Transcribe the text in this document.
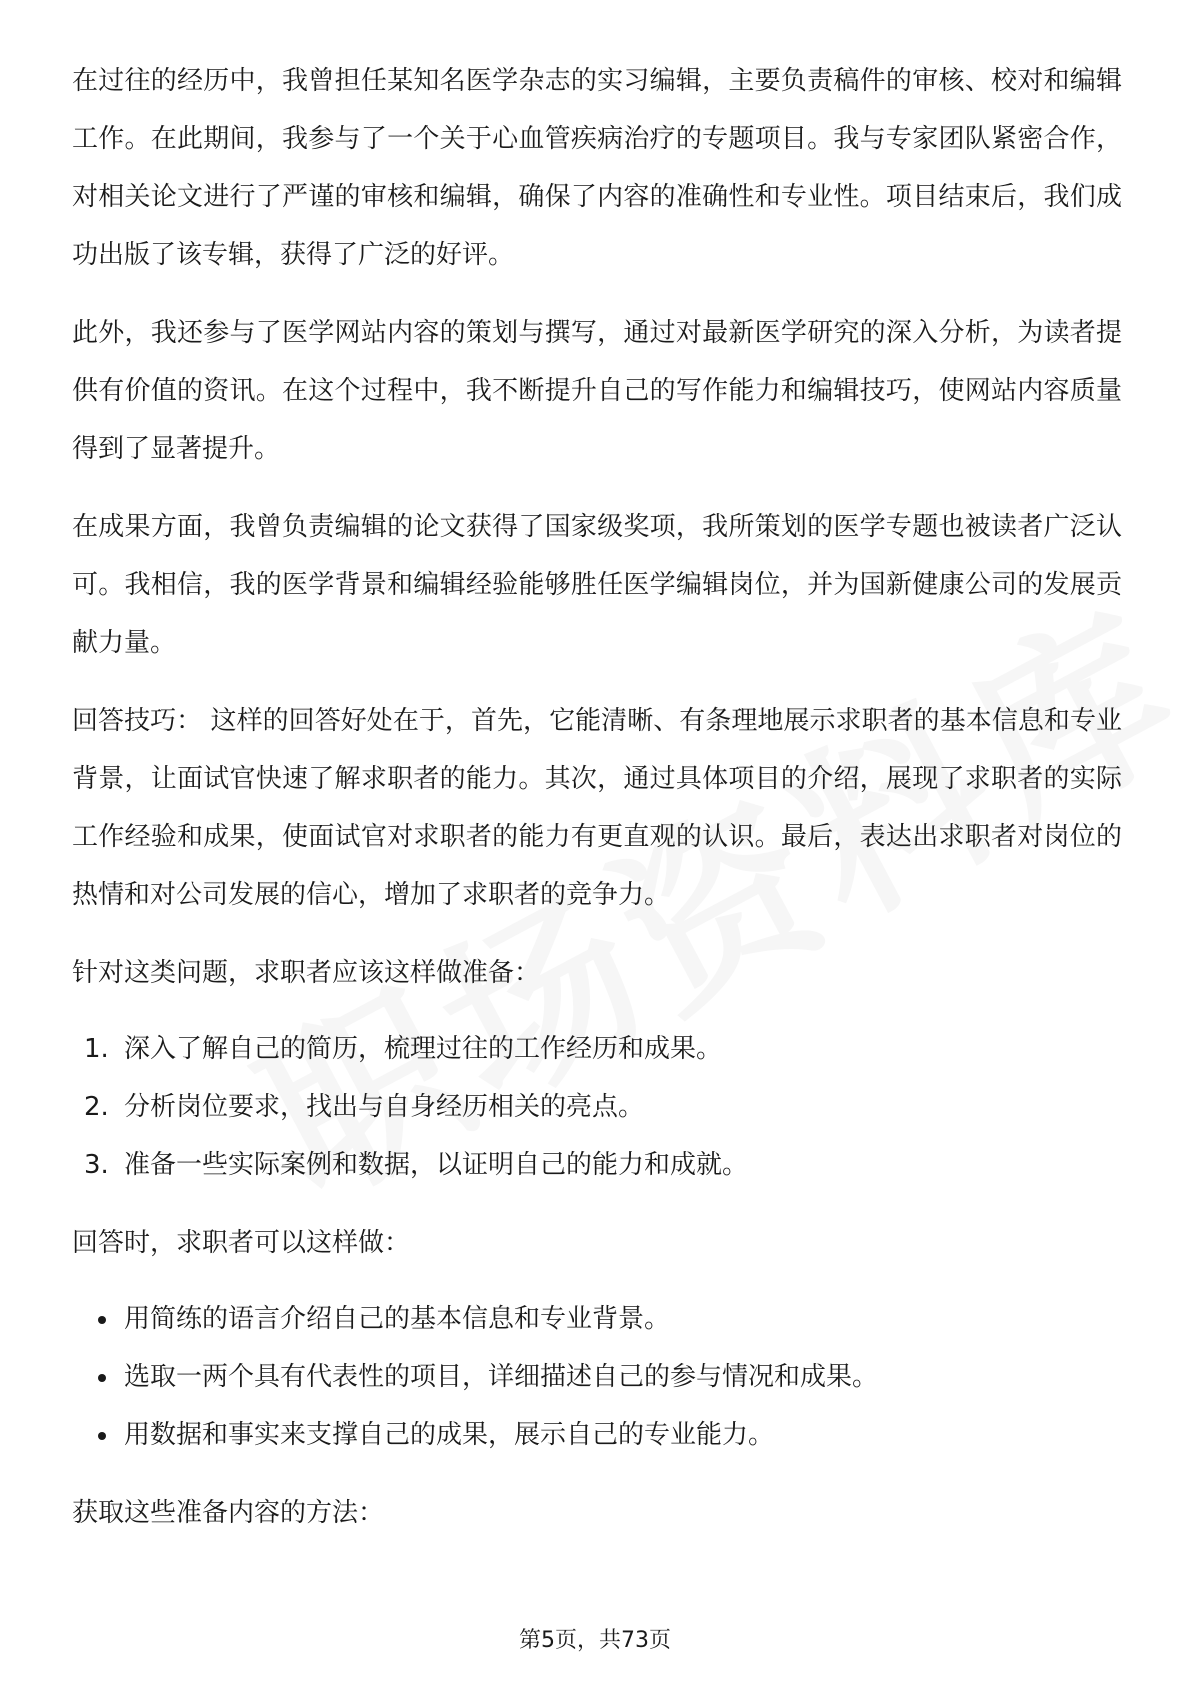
在过往的经历中，我曾担任某知名医学杂志的实习编辑，主要负责稿件的审核、校对和编辑工作。在此期间，我参与了一个关于心血管疾病治疗的专题项目。我与专家团队紧密合作，对相关论文进行了严谨的审核和编辑，确保了内容的准确性和专业性。项目结束后，我们成功出版了该专辑，获得了广泛的好评。

此外，我还参与了医学网站内容的策划与撰写，通过对最新医学研究的深入分析，为读者提供有价值的资讯。在这个过程中，我不断提升自己的写作能力和编辑技巧，使网站内容质量得到了显著提升。

在成果方面，我曾负责编辑的论文获得了国家级奖项，我所策划的医学专题也被读者广泛认可。我相信，我的医学背景和编辑经验能够胜任医学编辑岗位，并为国新健康公司的发展贡献力量。

回答技巧： 这样的回答好处在于，首先，它能清晰、有条理地展示求职者的基本信息和专业背景，让面试官快速了解求职者的能力。其次，通过具体项目的介绍，展现了求职者的实际工作经验和成果，使面试官对求职者的能力有更直观的认识。最后，表达出求职者对岗位的热情和对公司发展的信心，增加了求职者的竞争力。

针对这类问题，求职者应该这样做准备：

1. 深入了解自己的简历，梳理过往的工作经历和成果。
2. 分析岗位要求，找出与自身经历相关的亮点。
3. 准备一些实际案例和数据，以证明自己的能力和成就。

回答时，求职者可以这样做：

用简练的语言介绍自己的基本信息和专业背景。
选取一两个具有代表性的项目，详细描述自己的参与情况和成果。
用数据和事实来支撑自己的成果，展示自己的专业能力。

获取这些准备内容的方法：

第5页，共73页
